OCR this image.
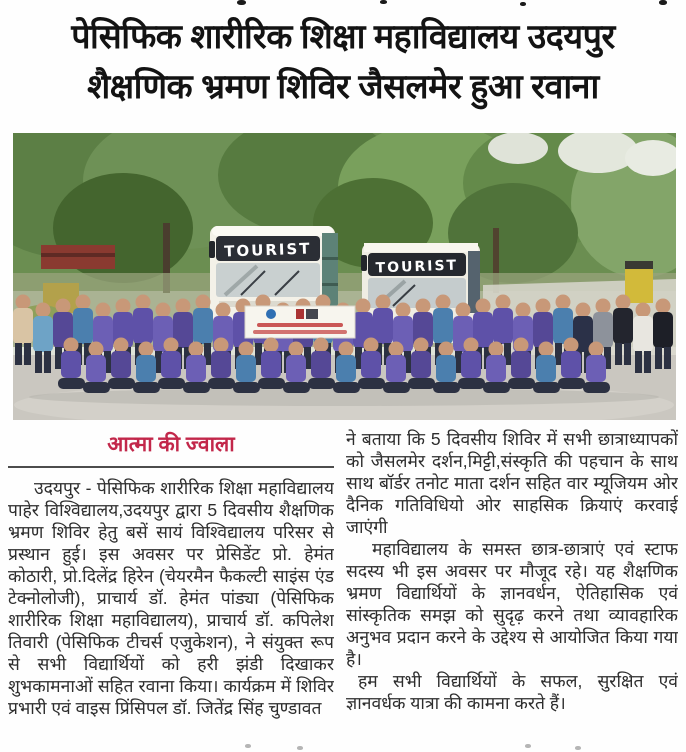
पेसिफिक शारीरिक शिक्षा महाविद्यालय उदयपुर
शैक्षणिक भ्रमण शिविर जैसलमेर हुआ रवाना
TOURIST
TOURIST
आत्मा की ज्वाला

उदयपुर - पेसिफिक शारीरिक शिक्षा महाविद्यालय पाहेर विश्विद्यालय,उदयपुर द्वारा 5 दिवसीय शैक्षणिक भ्रमण शिविर हेतु बसें सायं विश्विद्यालय परिसर से प्रस्थान हुई। इस अवसर पर प्रेसिडेंट प्रो. हेमंत कोठारी, प्रो.दिलेंद्र हिरेन (चेयरमैन फैकल्टी साइंस एंड टेक्नोलोजी), प्राचार्य डॉ. हेमंत पांड्या (पेसिफिक शारीरिक शिक्षा महाविद्यालय), प्राचार्य डॉ. कपिलेश तिवारी (पेसिफिक टीचर्स एजुकेशन), ने संयुक्त रूप से सभी विद्यार्थियों को हरी झंडी दिखाकर शुभकामनाओं सहित रवाना किया। कार्यक्रम में शिविर प्रभारी एवं वाइस प्रिंसिपल डॉ. जितेंद्र सिंह चुण्डावत

ने बताया कि 5 दिवसीय शिविर में सभी छात्राध्यापकों को जैसलमेर दर्शन,मिट्टी,संस्कृति की पहचान के साथ साथ बॉर्डर तनोट माता दर्शन सहित वार म्यूजियम ओर दैनिक गतिविधियो ओर साहसिक क्रियाएं करवाई जाएंगी

महाविद्यालय के समस्त छात्र-छात्राएं एवं स्टाफ सदस्य भी इस अवसर पर मौजूद रहे। यह शैक्षणिक भ्रमण विद्यार्थियों के ज्ञानवर्धन, ऐतिहासिक एवं सांस्कृतिक समझ को सुदृढ़ करने तथा व्यावहारिक अनुभव प्रदान करने के उद्देश्य से आयोजित किया गया है।

हम सभी विद्यार्थियों के सफल, सुरक्षित एवं ज्ञानवर्धक यात्रा की कामना करते हैं।
